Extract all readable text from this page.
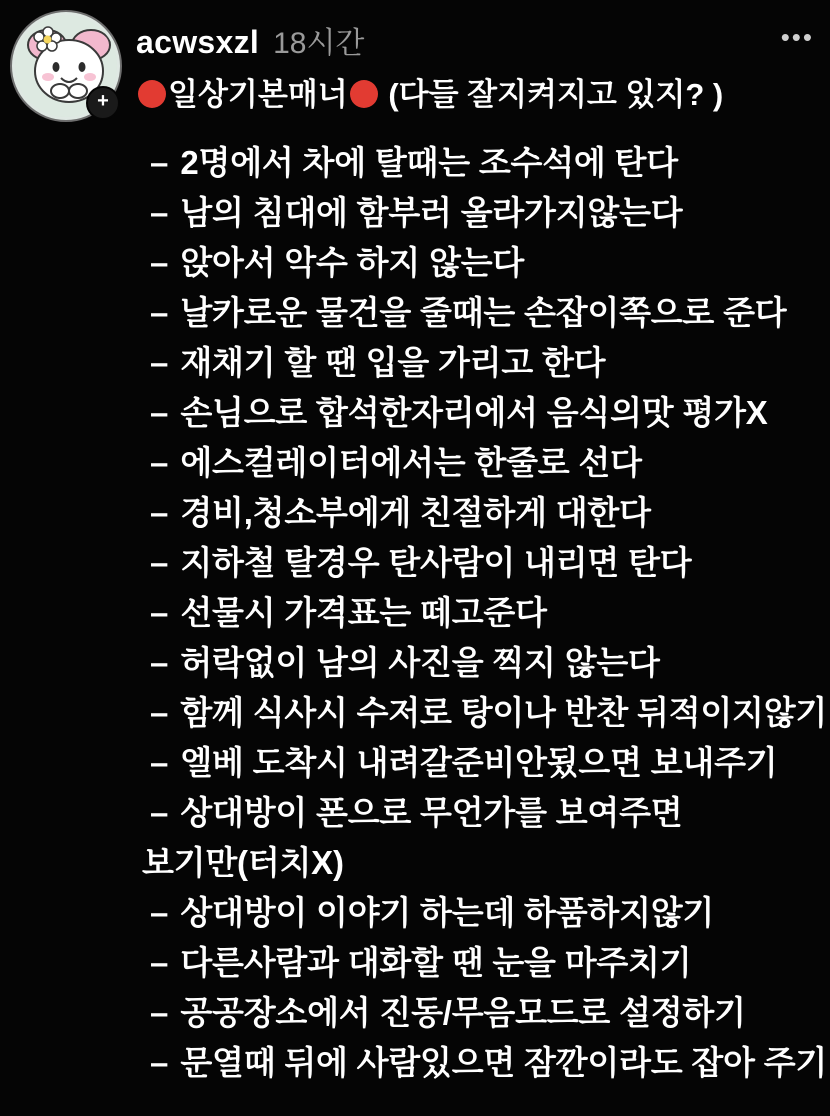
+
acwsxzl 18시간
일상기본매너 (다들 잘지켜지고 있지? )
•••
– 2명에서 차에 탈때는 조수석에 탄다
– 남의 침대에 함부러 올라가지않는다
– 앉아서 악수 하지 않는다
– 날카로운 물건을 줄때는 손잡이쪽으로 준다
– 재채기 할 땐 입을 가리고 한다
– 손님으로 합석한자리에서 음식의맛 평가X
– 에스컬레이터에서는 한줄로 선다
– 경비,청소부에게 친절하게 대한다
– 지하철 탈경우 탄사람이 내리면 탄다
– 선물시 가격표는 떼고준다
– 허락없이 남의 사진을 찍지 않는다
– 함께 식사시 수저로 탕이나 반찬 뒤적이지않기
– 엘베 도착시 내려갈준비안됬으면 보내주기
– 상대방이 폰으로 무언가를 보여주면
보기만(터치X)
– 상대방이 이야기 하는데 하품하지않기
– 다른사람과 대화할 땐 눈을 마주치기
– 공공장소에서 진동/무음모드로 설정하기
– 문열때 뒤에 사람있으면 잠깐이라도 잡아 주기
